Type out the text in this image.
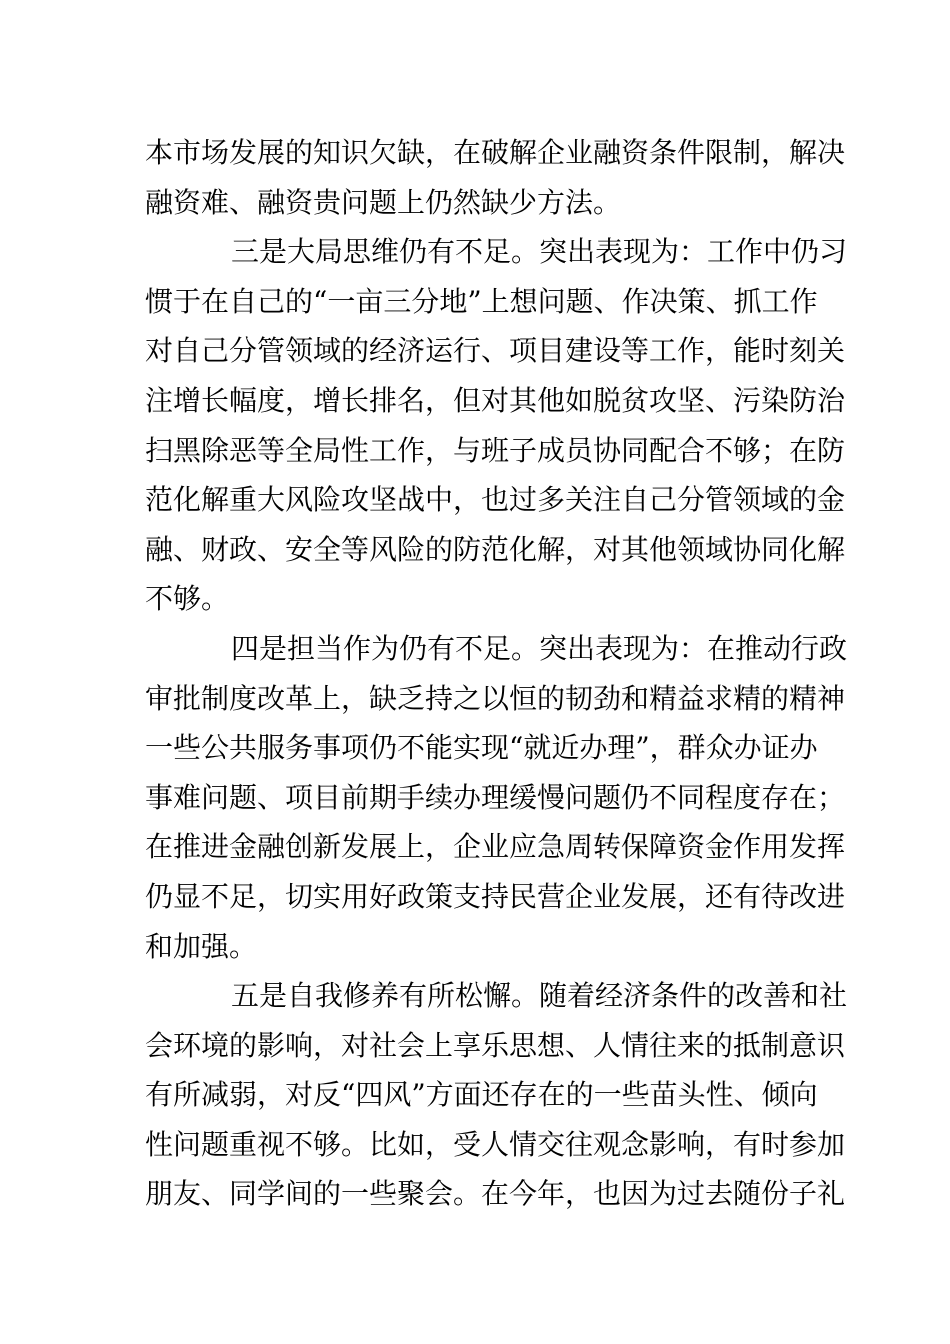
本市场发展的知识欠缺，在破解企业融资条件限制，解决
融资难、融资贵问题上仍然缺少方法。
三是大局思维仍有不足。突出表现为：工作中仍习
惯于在自己的“一亩三分地”上想问题、作决策、抓工作
对自己分管领域的经济运行、项目建设等工作，能时刻关
注增长幅度，增长排名，但对其他如脱贫攻坚、污染防治
扫黑除恶等全局性工作，与班子成员协同配合不够；在防
范化解重大风险攻坚战中，也过多关注自己分管领域的金
融、财政、安全等风险的防范化解，对其他领域协同化解
不够。
四是担当作为仍有不足。突出表现为：在推动行政
审批制度改革上，缺乏持之以恒的韧劲和精益求精的精神
一些公共服务事项仍不能实现“就近办理”，群众办证办
事难问题、项目前期手续办理缓慢问题仍不同程度存在；
在推进金融创新发展上，企业应急周转保障资金作用发挥
仍显不足，切实用好政策支持民营企业发展，还有待改进
和加强。
五是自我修养有所松懈。随着经济条件的改善和社
会环境的影响，对社会上享乐思想、人情往来的抵制意识
有所减弱，对反“四风”方面还存在的一些苗头性、倾向
性问题重视不够。比如，受人情交往观念影响，有时参加
朋友、同学间的一些聚会。在今年，也因为过去随份子礼
